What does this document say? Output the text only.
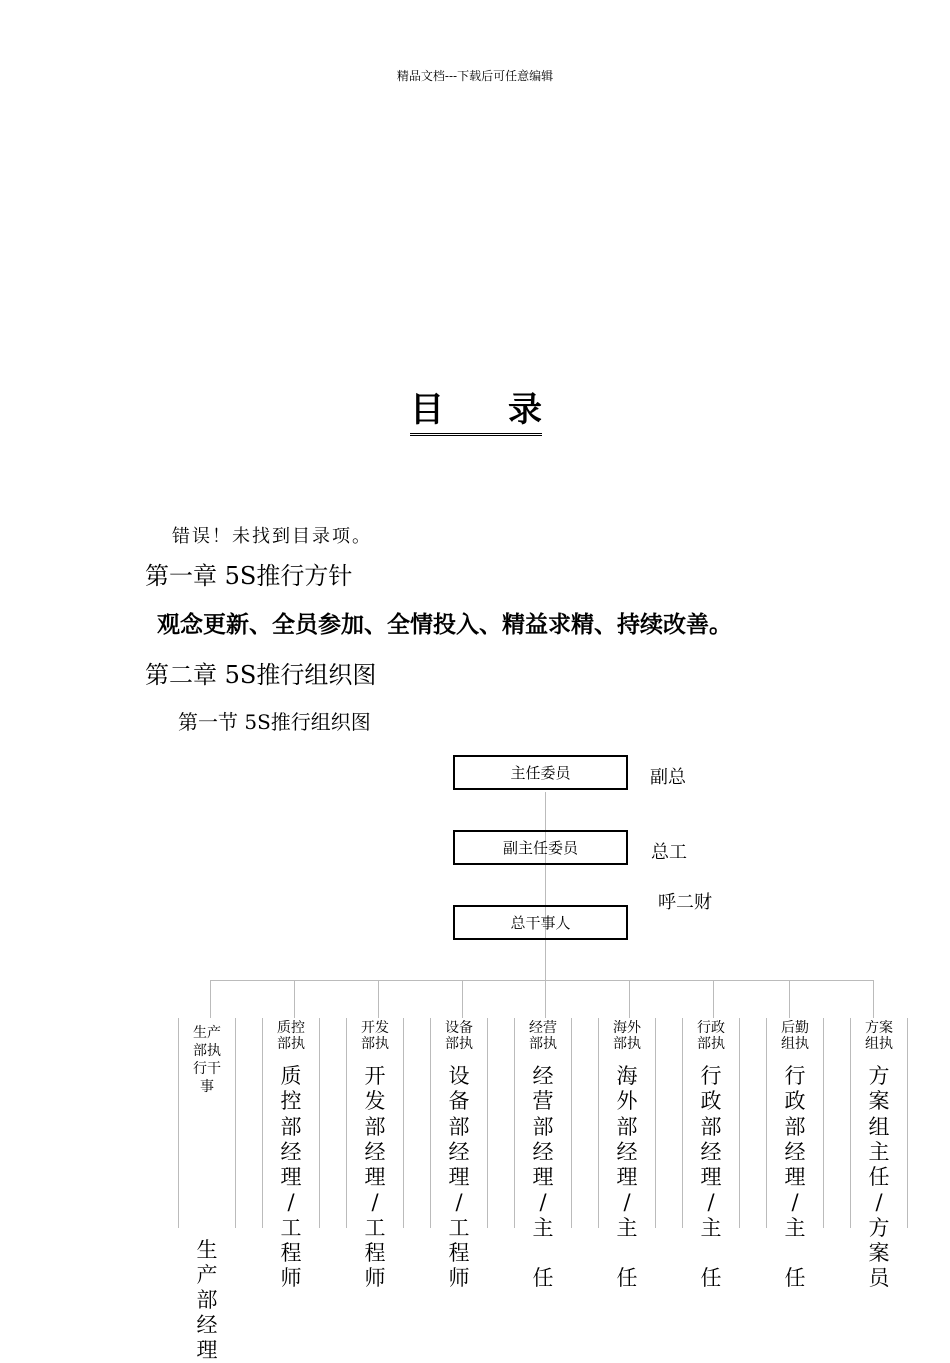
精品文档---下载后可任意编辑
目 录
错误！未找到目录项。
第一章 5S推行方针
观念更新、全员参加、全情投入、精益求精、持续改善。
第二章 5S推行组织图
第一节 5S推行组织图
主任委员
副主任委员
总干事人
副总
总工
呼二财
生产
部执
行干
事
生
产
部
经
理
质控
部执
质
控
部
经
理
/
工
程
师
开发
部执
开
发
部
经
理
/
工
程
师
设备
部执
设
备
部
经
理
/
工
程
师
经营
部执
经
营
部
经
理
/
主

任
海外
部执
海
外
部
经
理
/
主

任
行政
部执
行
政
部
经
理
/
主

任
后勤
组执
行
政
部
经
理
/
主

任
方案
组执
方
案
组
主
任
/
方
案
员
